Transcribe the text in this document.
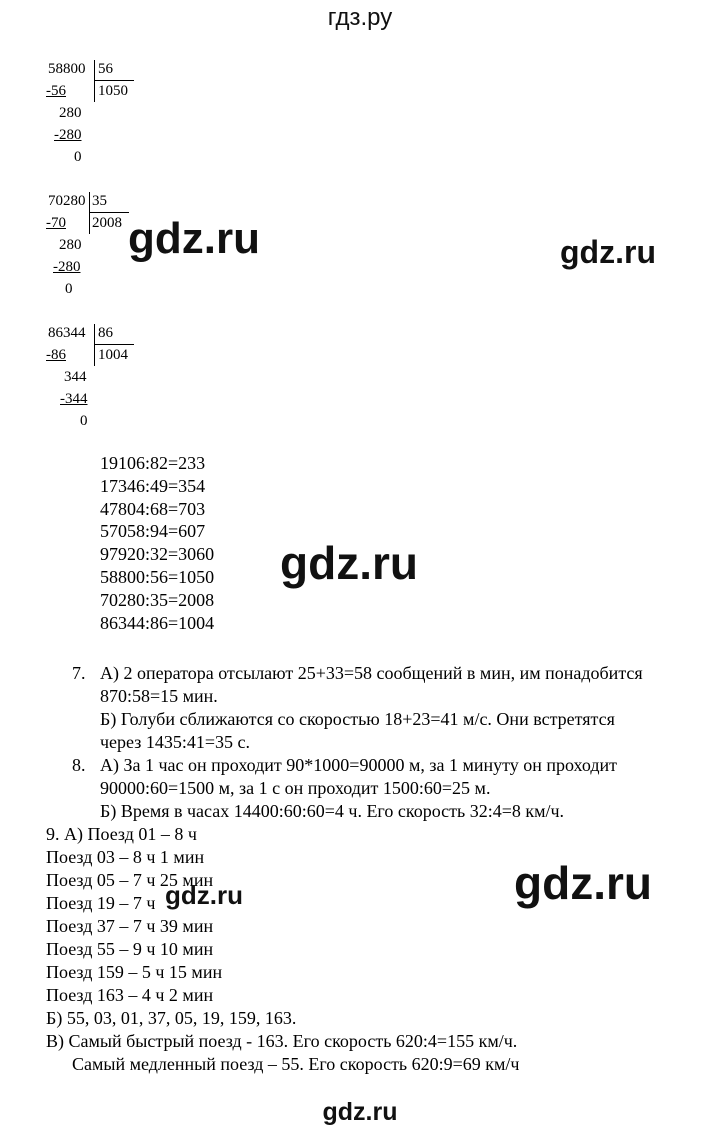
гдз.ру
58800 56
-56 1050
280
-280
0
70280 35
-70 2008
280
-280
0
86344 86
-86 1004
344
-344
0
19106:82=233
17346:49=354
47804:68=703
57058:94=607
97920:32=3060
58800:56=1050
70280:35=2008
86344:86=1004
7. А) 2 оператора отсылают 25+33=58 сообщений в мин, им понадобится
870:58=15 мин.
Б) Голуби сближаются со скоростью 18+23=41 м/с. Они встретятся
через 1435:41=35 с.
8. А) За 1 час он проходит 90*1000=90000 м, за 1 минуту он проходит
90000:60=1500 м, за 1 с он проходит 1500:60=25 м.
Б) Время в часах 14400:60:60=4 ч. Его скорость 32:4=8 км/ч.
9. А) Поезд 01 – 8 ч
Поезд 03 – 8 ч 1 мин
Поезд 05 – 7 ч 25 мин
Поезд 19 – 7 ч
Поезд 37 – 7 ч 39 мин
Поезд 55 – 9 ч 10 мин
Поезд 159 – 5 ч 15 мин
Поезд 163 – 4 ч 2 мин
Б) 55, 03, 01, 37, 05, 19, 159, 163.
В) Самый быстрый поезд - 163. Его скорость 620:4=155 км/ч.
Самый медленный поезд – 55. Его скорость 620:9=69 км/ч
gdz.ru	gdz.ru
gdz.ru
gdz.ru	gdz.ru
gdz.ru
